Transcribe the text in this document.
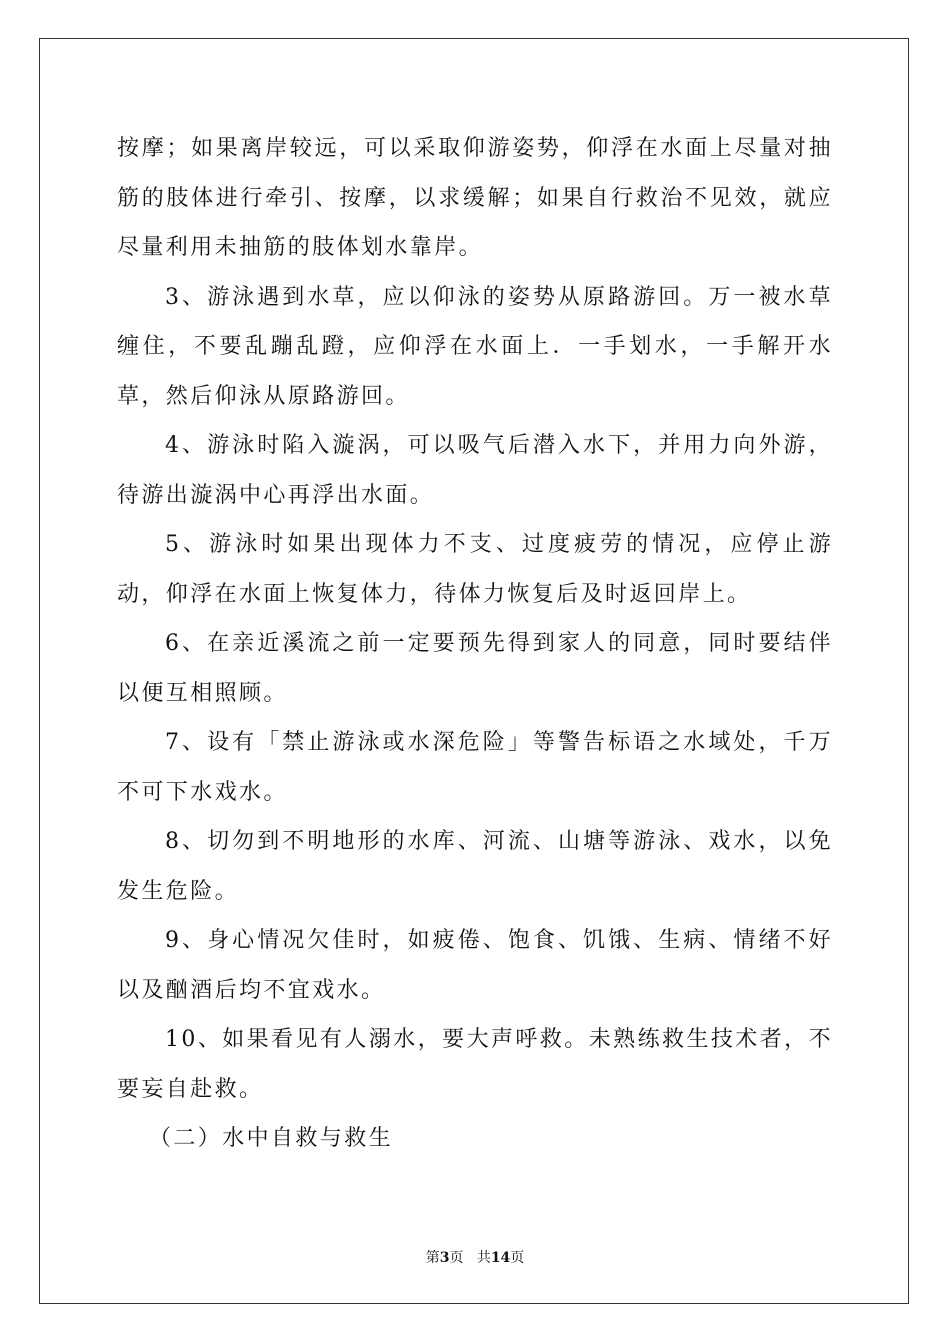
按摩；如果离岸较远，可以采取仰游姿势，仰浮在水面上尽量对抽筋的肢体进行牵引、按摩，以求缓解；如果自行救治不见效，就应尽量利用未抽筋的肢体划水靠岸。

3、游泳遇到水草，应以仰泳的姿势从原路游回。万一被水草缠住，不要乱蹦乱蹬，应仰浮在水面上．一手划水，一手解开水草，然后仰泳从原路游回。

4、游泳时陷入漩涡，可以吸气后潜入水下，并用力向外游，待游出漩涡中心再浮出水面。

5、游泳时如果出现体力不支、过度疲劳的情况，应停止游动，仰浮在水面上恢复体力，待体力恢复后及时返回岸上。

6、在亲近溪流之前一定要预先得到家人的同意，同时要结伴以便互相照顾。

7、设有「禁止游泳或水深危险」等警告标语之水域处，千万不可下水戏水。

8、切勿到不明地形的水库、河流、山塘等游泳、戏水，以免发生危险。

9、身心情况欠佳时，如疲倦、饱食、饥饿、生病、情绪不好以及酗酒后均不宜戏水。

10、如果看见有人溺水，要大声呼救。未熟练救生技术者，不要妄自赴救。

（二）水中自救与救生

第3页 共14页
